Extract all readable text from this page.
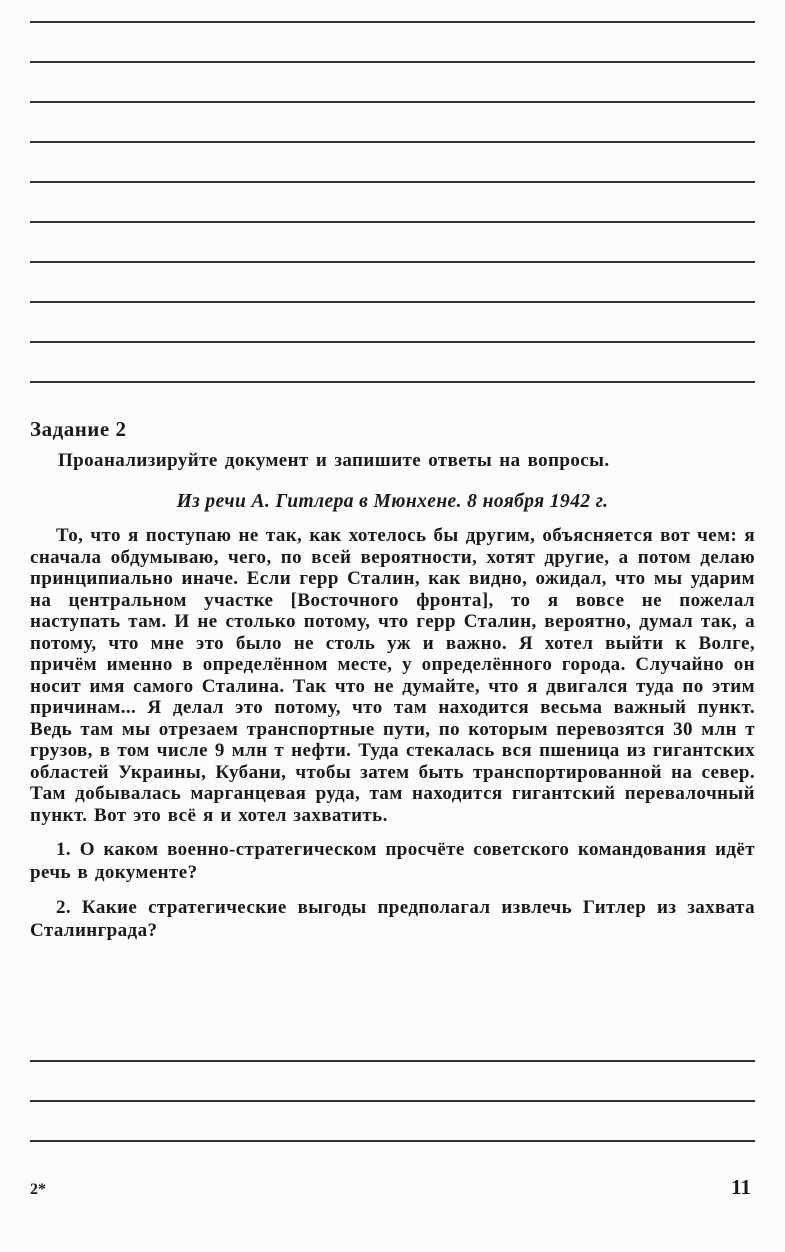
Задание 2

Проанализируйте документ и запишите ответы на вопросы.

Из речи А. Гитлера в Мюнхене. 8 ноября 1942 г.

То, что я поступаю не так, как хотелось бы другим, объясняется вот чем: я сначала обдумываю, чего, по всей вероятности, хотят другие, а потом делаю принципиально иначе. Если герр Сталин, как видно, ожидал, что мы ударим на центральном участке [Восточного фронта], то я вовсе не пожелал наступать там. И не столько потому, что герр Сталин, вероятно, думал так, а потому, что мне это было не столь уж и важно. Я хотел выйти к Волге, причём именно в определённом месте, у определённого города. Случайно он носит имя самого Сталина. Так что не думайте, что я двигался туда по этим причинам... Я делал это потому, что там находится весьма важный пункт. Ведь там мы отрезаем транспортные пути, по которым перевозятся 30 млн т грузов, в том числе 9 млн т нефти. Туда стекалась вся пшеница из гигантских областей Украины, Кубани, чтобы затем быть транспортированной на север. Там добывалась марганцевая руда, там находится гигантский перевалочный пункт. Вот это всё я и хотел захватить.

1. О каком военно-стратегическом просчёте советского командования идёт речь в документе?

2. Какие стратегические выгоды предполагал извлечь Гитлер из захвата Сталинграда?

2*	11
